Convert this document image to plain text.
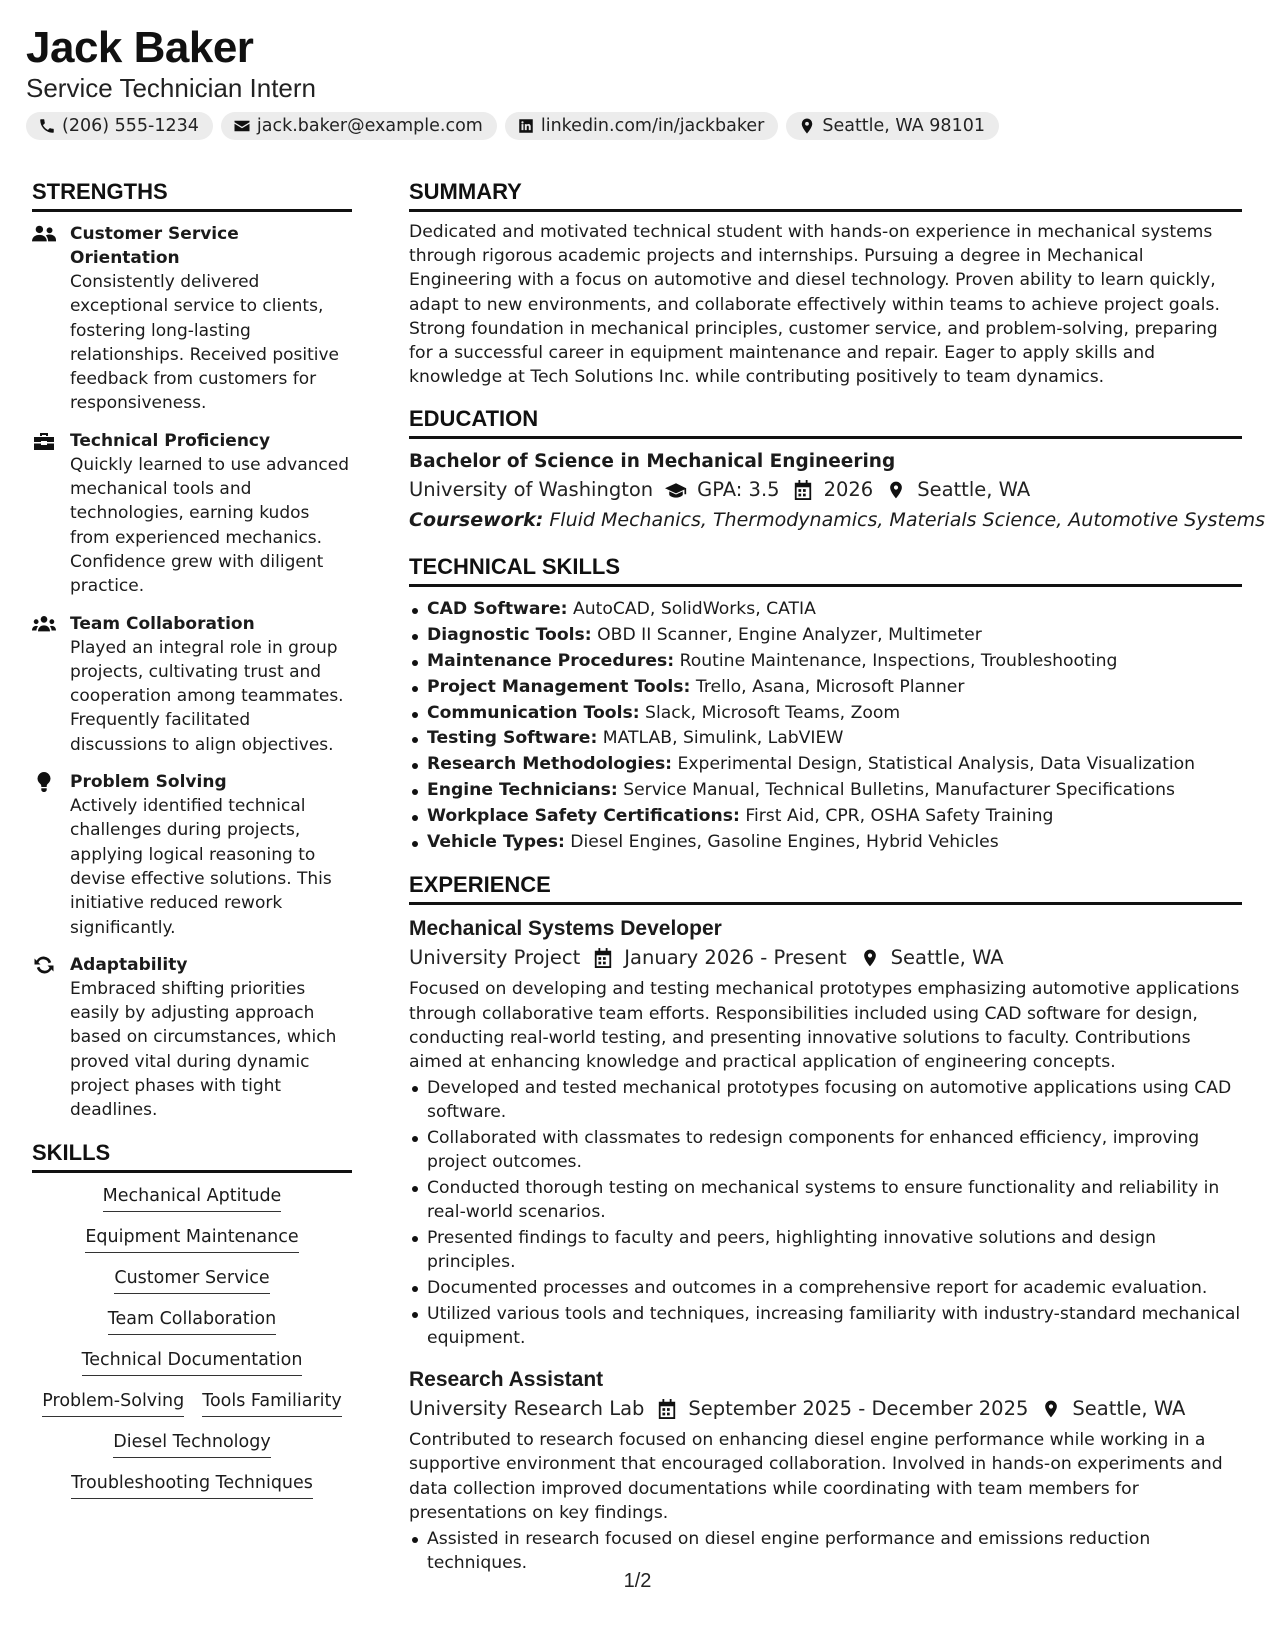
Jack Baker
Service Technician Intern
(206) 555-1234	jack.baker@example.com	linkedin.com/in/jackbaker	Seattle, WA 98101
STRENGTHS
Customer Service Orientation
Consistently delivered exceptional service to clients, fostering long-lasting relationships. Received positive feedback from customers for responsiveness.
Technical Proficiency
Quickly learned to use advanced mechanical tools and technologies, earning kudos from experienced mechanics. Confidence grew with diligent practice.
Team Collaboration
Played an integral role in group projects, cultivating trust and cooperation among teammates. Frequently facilitated discussions to align objectives.
Problem Solving
Actively identified technical challenges during projects, applying logical reasoning to devise effective solutions. This initiative reduced rework significantly.
Adaptability
Embraced shifting priorities easily by adjusting approach based on circumstances, which proved vital during dynamic project phases with tight deadlines.
SKILLS
Mechanical Aptitude
Equipment Maintenance
Customer Service
Team Collaboration
Technical Documentation
Problem-Solving Tools Familiarity
Diesel Technology
Troubleshooting Techniques
SUMMARY
Dedicated and motivated technical student with hands-on experience in mechanical systems through rigorous academic projects and internships. Pursuing a degree in Mechanical Engineering with a focus on automotive and diesel technology. Proven ability to learn quickly, adapt to new environments, and collaborate effectively within teams to achieve project goals. Strong foundation in mechanical principles, customer service, and problem-solving, preparing for a successful career in equipment maintenance and repair. Eager to apply skills and knowledge at Tech Solutions Inc. while contributing positively to team dynamics.
EDUCATION
Bachelor of Science in Mechanical Engineering
University of Washington GPA: 3.5 2026 Seattle, WA
Coursework: Fluid Mechanics, Thermodynamics, Materials Science, Automotive Systems
TECHNICAL SKILLS
CAD Software: AutoCAD, SolidWorks, CATIA
Diagnostic Tools: OBD II Scanner, Engine Analyzer, Multimeter
Maintenance Procedures: Routine Maintenance, Inspections, Troubleshooting
Project Management Tools: Trello, Asana, Microsoft Planner
Communication Tools: Slack, Microsoft Teams, Zoom
Testing Software: MATLAB, Simulink, LabVIEW
Research Methodologies: Experimental Design, Statistical Analysis, Data Visualization
Engine Technicians: Service Manual, Technical Bulletins, Manufacturer Specifications
Workplace Safety Certifications: First Aid, CPR, OSHA Safety Training
Vehicle Types: Diesel Engines, Gasoline Engines, Hybrid Vehicles
EXPERIENCE
Mechanical Systems Developer
University Project January 2026 - Present Seattle, WA
Focused on developing and testing mechanical prototypes emphasizing automotive applications through collaborative team efforts. Responsibilities included using CAD software for design, conducting real-world testing, and presenting innovative solutions to faculty. Contributions aimed at enhancing knowledge and practical application of engineering concepts.
Developed and tested mechanical prototypes focusing on automotive applications using CAD software.
Collaborated with classmates to redesign components for enhanced efficiency, improving project outcomes.
Conducted thorough testing on mechanical systems to ensure functionality and reliability in real-world scenarios.
Presented findings to faculty and peers, highlighting innovative solutions and design principles.
Documented processes and outcomes in a comprehensive report for academic evaluation.
Utilized various tools and techniques, increasing familiarity with industry-standard mechanical equipment.
Research Assistant
University Research Lab September 2025 - December 2025 Seattle, WA
Contributed to research focused on enhancing diesel engine performance while working in a supportive environment that encouraged collaboration. Involved in hands-on experiments and data collection improved documentations while coordinating with team members for presentations on key findings.
Assisted in research focused on diesel engine performance and emissions reduction techniques.
1/2
